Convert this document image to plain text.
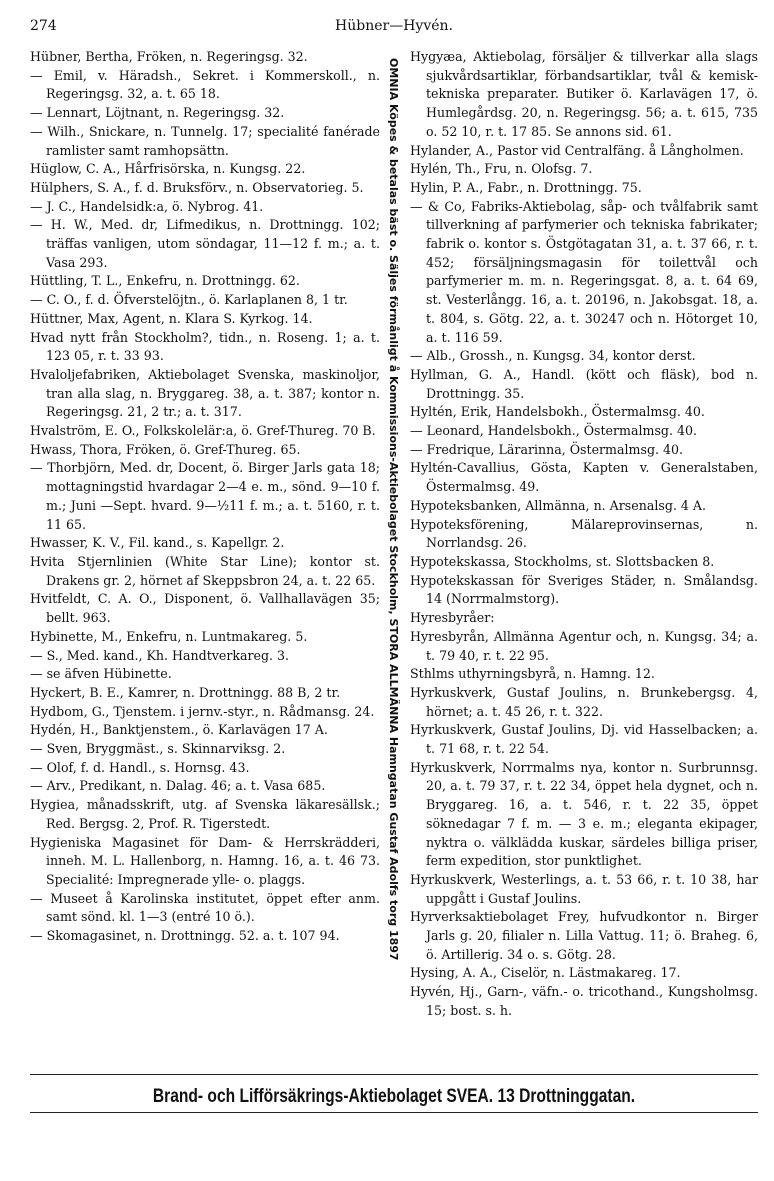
274	Hübner—Hyvén.
Hübner, Bertha, Fröken, n. Regeringsg. 32.
— Emil, v. Häradsh., Sekret. i Kommerskoll., n. Regeringsg. 32, a. t. 65 18.
— Lennart, Löjtnant, n. Regeringsg. 32.
— Wilh., Snickare, n. Tunnelg. 17; specialité fanérade ramlister samt ramhopsättn.
Hüglow, C. A., Hårfrisörska, n. Kungsg. 22.
Hülphers, S. A., f. d. Bruksförv., n. Observatorieg. 5.
— J. C., Handelsidk:a, ö. Nybrog. 41.
— H. W., Med. dr, Lifmedikus, n. Drottningg. 102; träffas vanligen, utom söndagar, 11—12 f. m.; a. t. Vasa 293.
Hüttling, T. L., Enkefru, n. Drottningg. 62.
— C. O., f. d. Öfverstelöjtn., ö. Karlaplanen 8, 1 tr.
Hüttner, Max, Agent, n. Klara S. Kyrkog. 14.
Hvad nytt från Stockholm?, tidn., n. Roseng. 1; a. t. 123 05, r. t. 33 93.
Hvaloljefabriken, Aktiebolaget Svenska, maskinoljor, tran alla slag, n. Bryggareg. 38, a. t. 387; kontor n. Regeringsg. 21, 2 tr.; a. t. 317.
Hvalström, E. O., Folkskolelär:a, ö. Gref-Thureg. 70 B.
Hwass, Thora, Fröken, ö. Gref-Thureg. 65.
— Thorbjörn, Med. dr, Docent, ö. Birger Jarls gata 18; mottagningstid hvardagar 2—4 e. m., sönd. 9—10 f. m.; Juni —Sept. hvard. 9—½11 f. m.; a. t. 5160, r. t. 11 65.
Hwasser, K. V., Fil. kand., s. Kapellgr. 2.
Hvita Stjernlinien (White Star Line); kontor st. Drakens gr. 2, hörnet af Skeppsbron 24, a. t. 22 65.
Hvitfeldt, C. A. O., Disponent, ö. Vallhallavägen 35; bellt. 963.
Hybinette, M., Enkefru, n. Luntmakareg. 5.
— S., Med. kand., Kh. Handtverkareg. 3.
— se äfven Hübinette.
Hyckert, B. E., Kamrer, n. Drottningg. 88 B, 2 tr.
Hydbom, G., Tjenstem. i jernv.-styr., n. Rådmansg. 24.
Hydén, H., Banktjenstem., ö. Karlavägen 17 A.
— Sven, Bryggmäst., s. Skinnarviksg. 2.
— Olof, f. d. Handl., s. Hornsg. 43.
— Arv., Predikant, n. Dalag. 46; a. t. Vasa 685.
Hygiea, månadsskrift, utg. af Svenska läkaresällsk.; Red. Bergsg. 2, Prof. R. Tigerstedt.
Hygieniska Magasinet för Dam- & Herrskrädderi, inneh. M. L. Hallenborg, n. Hamng. 16, a. t. 46 73. Specialité: Impregnerade ylle- o. plaggs.
— Museet å Karolinska institutet, öppet efter anm. samt sönd. kl. 1—3 (entré 10 ö.).
— Skomagasinet, n. Drottningg. 52. a. t. 107 94.	OMNIA Köpes & betalas bäst o. Säljes förmånligt å Kommissions-Aktiebolaget Stockholm, STORA ALLMÄNNA Hamngatan Gustaf Adolfs torg 1897
Hygyæa, Aktiebolag, försäljer & tillverkar alla slags sjukvårdsartiklar, förbandsartiklar, tvål & kemisk-tekniska preparater. Butiker ö. Karlavägen 17, ö. Humlegårdsg. 20, n. Regeringsg. 56; a. t. 615, 735 o. 52 10, r. t. 17 85. Se annons sid. 61.
Hylander, A., Pastor vid Centralfäng. å Långholmen.
Hylén, Th., Fru, n. Olofsg. 7.
Hylin, P. A., Fabr., n. Drottningg. 75.
— & Co, Fabriks-Aktiebolag, såp- och tvålfabrik samt tillverkning af parfymerier och tekniska fabrikater; fabrik o. kontor s. Östgötagatan 31, a. t. 37 66, r. t. 452; försäljningsmagasin för toilettvål och parfymerier m. m. n. Regeringsgat. 8, a. t. 64 69, st. Vesterlångg. 16, a. t. 20196, n. Jakobsgat. 18, a. t. 804, s. Götg. 22, a. t. 30247 och n. Hötorget 10, a. t. 116 59.
— Alb., Grossh., n. Kungsg. 34, kontor derst.
Hyllman, G. A., Handl. (kött och fläsk), bod n. Drottningg. 35.
Hyltén, Erik, Handelsbokh., Östermalmsg. 40.
— Leonard, Handelsbokh., Östermalmsg. 40.
— Fredrique, Lärarinna, Östermalmsg. 40.
Hyltén-Cavallius, Gösta, Kapten v. Generalstaben, Östermalmsg. 49.
Hypoteksbanken, Allmänna, n. Arsenalsg. 4 A.
Hypoteksförening, Mälareprovinsernas, n. Norrlandsg. 26.
Hypotekskassa, Stockholms, st. Slottsbacken 8.
Hypotekskassan för Sveriges Städer, n. Smålandsg. 14 (Norrmalmstorg).
Hyresbyråer:
Hyresbyrån, Allmänna Agentur och, n. Kungsg. 34; a. t. 79 40, r. t. 22 95.
Sthlms uthyrningsbyrå, n. Hamng. 12.
Hyrkuskverk, Gustaf Joulins, n. Brunkebergsg. 4, hörnet; a. t. 45 26, r. t. 322.
Hyrkuskverk, Gustaf Joulins, Dj. vid Hasselbacken; a. t. 71 68, r. t. 22 54.
Hyrkuskverk, Norrmalms nya, kontor n. Surbrunnsg. 20, a. t. 79 37, r. t. 22 34, öppet hela dygnet, och n. Bryggareg. 16, a. t. 546, r. t. 22 35, öppet söknedagar 7 f. m. — 3 e. m.; eleganta ekipager, nyktra o. välklädda kuskar, särdeles billiga priser, ferm expedition, stor punktlighet.
Hyrkuskverk, Westerlings, a. t. 53 66, r. t. 10 38, har uppgått i Gustaf Joulins.
Hyrverksaktiebolaget Frey, hufvudkontor n. Birger Jarls g. 20, filialer n. Lilla Vattug. 11; ö. Braheg. 6, ö. Artillerig. 34 o. s. Götg. 28.
Hysing, A. A., Ciselör, n. Lästmakareg. 17.
Hyvén, Hj., Garn-, väfn.- o. tricothand., Kungsholmsg. 15; bost. s. h.
Brand- och Lifförsäkrings-Aktiebolaget SVEA. 13 Drottninggatan.
